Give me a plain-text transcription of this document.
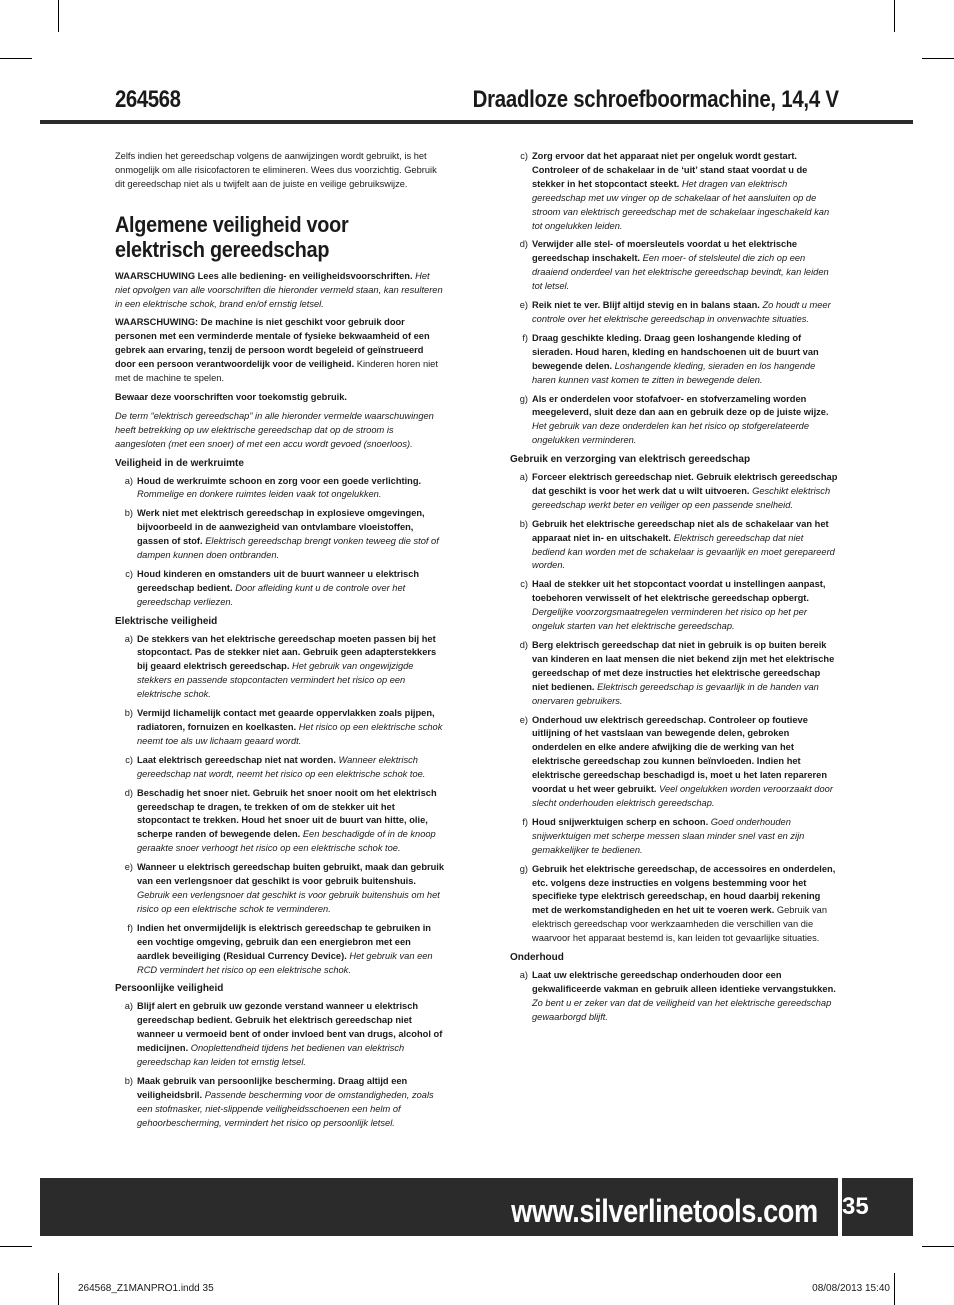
264568	Draadloze schroefboormachine, 14,4 V

Zelfs indien het gereedschap volgens de aanwijzingen wordt gebruikt, is het onmogelijk om alle risicofactoren te elimineren. Wees dus voorzichtig. Gebruik dit gereedschap niet als u twijfelt aan de juiste en veilige gebruikswijze.

Algemene veiligheid voor elektrisch gereedschap

WAARSCHUWING Lees alle bediening- en veiligheidsvoorschriften. Het niet opvolgen van alle voorschriften die hieronder vermeld staan, kan resulteren in een elektrische schok, brand en/of ernstig letsel.

WAARSCHUWING: De machine is niet geschikt voor gebruik door personen met een verminderde mentale of fysieke bekwaamheid of een gebrek aan ervaring, tenzij de persoon wordt begeleid of geïnstrueerd door een persoon verantwoordelijk voor de veiligheid. Kinderen horen niet met de machine te spelen.

Bewaar deze voorschriften voor toekomstig gebruik.

De term “elektrisch gereedschap” in alle hieronder vermelde waarschuwingen heeft betrekking op uw elektrische gereedschap dat op de stroom is aangesloten (met een snoer) of met een accu wordt gevoed (snoerloos).

Veiligheid in de werkruimte
a) Houd de werkruimte schoon en zorg voor een goede verlichting. Rommelige en donkere ruimtes leiden vaak tot ongelukken.
b) Werk niet met elektrisch gereedschap in explosieve omgevingen, bijvoorbeeld in de aanwezigheid van ontvlambare vloeistoffen, gassen of stof. Elektrisch gereedschap brengt vonken teweeg die stof of dampen kunnen doen ontbranden.
c) Houd kinderen en omstanders uit de buurt wanneer u elektrisch gereedschap bedient. Door afleiding kunt u de controle over het gereedschap verliezen.
Elektrische veiligheid
a) De stekkers van het elektrische gereedschap moeten passen bij het stopcontact. Pas de stekker niet aan. Gebruik geen adapterstekkers bij geaard elektrisch gereedschap. Het gebruik van ongewijzigde stekkers en passende stopcontacten vermindert het risico op een elektrische schok.
b) Vermijd lichamelijk contact met geaarde oppervlakken zoals pijpen, radiatoren, fornuizen en koelkasten. Het risico op een elektrische schok neemt toe als uw lichaam geaard wordt.
c) Laat elektrisch gereedschap niet nat worden. Wanneer elektrisch gereedschap nat wordt, neemt het risico op een elektrische schok toe.
d) Beschadig het snoer niet. Gebruik het snoer nooit om het elektrisch gereedschap te dragen, te trekken of om de stekker uit het stopcontact te trekken. Houd het snoer uit de buurt van hitte, olie, scherpe randen of bewegende delen. Een beschadigde of in de knoop geraakte snoer verhoogt het risico op een elektrische schok toe.
e) Wanneer u elektrisch gereedschap buiten gebruikt, maak dan gebruik van een verlengsnoer dat geschikt is voor gebruik buitenshuis. Gebruik een verlengsnoer dat geschikt is voor gebruik buitenshuis om het risico op een elektrische schok te verminderen.
f) Indien het onvermijdelijk is elektrisch gereedschap te gebruiken in een vochtige omgeving, gebruik dan een energiebron met een aardlek beveiliging (Residual Currency Device). Het gebruik van een RCD vermindert het risico op een elektrische schok.
Persoonlijke veiligheid
a) Blijf alert en gebruik uw gezonde verstand wanneer u elektrisch gereedschap bedient. Gebruik het elektrisch gereedschap niet wanneer u vermoeid bent of onder invloed bent van drugs, alcohol of medicijnen. Onoplettendheid tijdens het bedienen van elektrisch gereedschap kan leiden tot ernstig letsel.
b) Maak gebruik van persoonlijke bescherming. Draag altijd een veiligheidsbril. Passende bescherming voor de omstandigheden, zoals een stofmasker, niet-slippende veiligheidsschoenen een helm of gehoorbescherming, vermindert het risico op persoonlijk letsel.
c) Zorg ervoor dat het apparaat niet per ongeluk wordt gestart. Controleer of de schakelaar in de ‘uit’ stand staat voordat u de stekker in het stopcontact steekt. Het dragen van elektrisch gereedschap met uw vinger op de schakelaar of het aansluiten op de stroom van elektrisch gereedschap met de schakelaar ingeschakeld kan tot ongelukken leiden.
d) Verwijder alle stel- of moersleutels voordat u het elektrische gereedschap inschakelt. Een moer- of stelsleutel die zich op een draaiend onderdeel van het elektrische gereedschap bevindt, kan leiden tot letsel.
e) Reik niet te ver. Blijf altijd stevig en in balans staan. Zo houdt u meer controle over het elektrische gereedschap in onverwachte situaties.
f) Draag geschikte kleding. Draag geen loshangende kleding of sieraden. Houd haren, kleding en handschoenen uit de buurt van bewegende delen. Loshangende kleding, sieraden en los hangende haren kunnen vast komen te zitten in bewegende delen.
g) Als er onderdelen voor stofafvoer- en stofverzameling worden meegeleverd, sluit deze dan aan en gebruik deze op de juiste wijze. Het gebruik van deze onderdelen kan het risico op stofgerelateerde ongelukken verminderen.
Gebruik en verzorging van elektrisch gereedschap
a) Forceer elektrisch gereedschap niet. Gebruik elektrisch gereedschap dat geschikt is voor het werk dat u wilt uitvoeren. Geschikt elektrisch gereedschap werkt beter en veiliger op een passende snelheid.
b) Gebruik het elektrische gereedschap niet als de schakelaar van het apparaat niet in- en uitschakelt. Elektrisch gereedschap dat niet bediend kan worden met de schakelaar is gevaarlijk en moet gerepareerd worden.
c) Haal de stekker uit het stopcontact voordat u instellingen aanpast, toebehoren verwisselt of het elektrische gereedschap opbergt. Dergelijke voorzorgsmaatregelen verminderen het risico op het per ongeluk starten van het elektrische gereedschap.
d) Berg elektrisch gereedschap dat niet in gebruik is op buiten bereik van kinderen en laat mensen die niet bekend zijn met het elektrische gereedschap of met deze instructies het elektrische gereedschap niet bedienen. Elektrisch gereedschap is gevaarlijk in de handen van onervaren gebruikers.
e) Onderhoud uw elektrisch gereedschap. Controleer op foutieve uitlijning of het vastslaan van bewegende delen, gebroken onderdelen en elke andere afwijking die de werking van het elektrische gereedschap zou kunnen beïnvloeden. Indien het elektrische gereedschap beschadigd is, moet u het laten repareren voordat u het weer gebruikt. Veel ongelukken worden veroorzaakt door slecht onderhouden elektrisch gereedschap.
f) Houd snijwerktuigen scherp en schoon. Goed onderhouden snijwerktuigen met scherpe messen slaan minder snel vast en zijn gemakkelijker te bedienen.
g) Gebruik het elektrische gereedschap, de accessoires en onderdelen, etc. volgens deze instructies en volgens bestemming voor het specifieke type elektrisch gereedschap, en houd daarbij rekening met de werkomstandigheden en het uit te voeren werk. Gebruik van elektrisch gereedschap voor werkzaamheden die verschillen van die waarvoor het apparaat bestemd is, kan leiden tot gevaarlijke situaties.
Onderhoud
a) Laat uw elektrische gereedschap onderhouden door een gekwalificeerde vakman en gebruik alleen identieke vervangstukken. Zo bent u er zeker van dat de veiligheid van het elektrische gereedschap gewaarborgd blijft.
www.silverlinetools.com 35
264568_Z1MANPRO1.indd 35	08/08/2013 15:40
